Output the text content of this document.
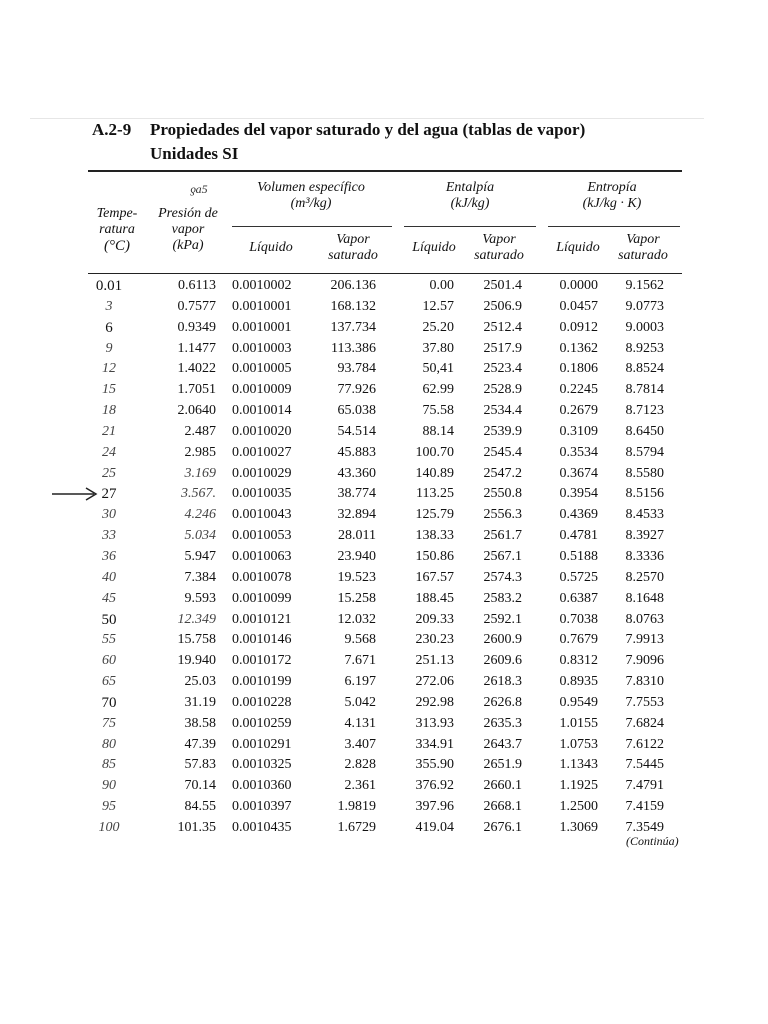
A.2-9 Propiedades del vapor saturado y del agua (tablas de vapor)
Unidades SI
ƍa5
Tempe-
ratura
(°C)
Presión de
vapor
(kPa)
Volumen específico
(m³/kg)
Entalpía
(kJ/kg)
Entropía
(kJ/kg · K)
Líquido
Vapor
saturado
Líquido
Vapor
saturado
Líquido
Vapor
saturado
0.01
3
6
9
12
15
18
21
24
25
27
30
33
36
40
45
50
55
60
65
70
75
80
85
90
95
100
0.6113
0.7577
0.9349
1.1477
1.4022
1.7051
2.0640
2.487
2.985
3.169
3.567.
4.246
5.034
5.947
7.384
9.593
12.349
15.758
19.940
25.03
31.19
38.58
47.39
57.83
70.14
84.55
101.35
0.0010002
0.0010001
0.0010001
0.0010003
0.0010005
0.0010009
0.0010014
0.0010020
0.0010027
0.0010029
0.0010035
0.0010043
0.0010053
0.0010063
0.0010078
0.0010099
0.0010121
0.0010146
0.0010172
0.0010199
0.0010228
0.0010259
0.0010291
0.0010325
0.0010360
0.0010397
0.0010435
206.136
168.132
137.734
113.386
93.784
77.926
65.038
54.514
45.883
43.360
38.774
32.894
28.011
23.940
19.523
15.258
12.032
9.568
7.671
6.197
5.042
4.131
3.407
2.828
2.361
1.9819
1.6729
0.00
12.57
25.20
37.80
50,41
62.99
75.58
88.14
100.70
140.89
113.25
125.79
138.33
150.86
167.57
188.45
209.33
230.23
251.13
272.06
292.98
313.93
334.91
355.90
376.92
397.96
419.04
2501.4
2506.9
2512.4
2517.9
2523.4
2528.9
2534.4
2539.9
2545.4
2547.2
2550.8
2556.3
2561.7
2567.1
2574.3
2583.2
2592.1
2600.9
2609.6
2618.3
2626.8
2635.3
2643.7
2651.9
2660.1
2668.1
2676.1
0.0000
0.0457
0.0912
0.1362
0.1806
0.2245
0.2679
0.3109
0.3534
0.3674
0.3954
0.4369
0.4781
0.5188
0.5725
0.6387
0.7038
0.7679
0.8312
0.8935
0.9549
1.0155
1.0753
1.1343
1.1925
1.2500
1.3069
9.1562
9.0773
9.0003
8.9253
8.8524
8.7814
8.7123
8.6450
8.5794
8.5580
8.5156
8.4533
8.3927
8.3336
8.2570
8.1648
8.0763
7.9913
7.9096
7.8310
7.7553
7.6824
7.6122
7.5445
7.4791
7.4159
7.3549
(Continúa)
